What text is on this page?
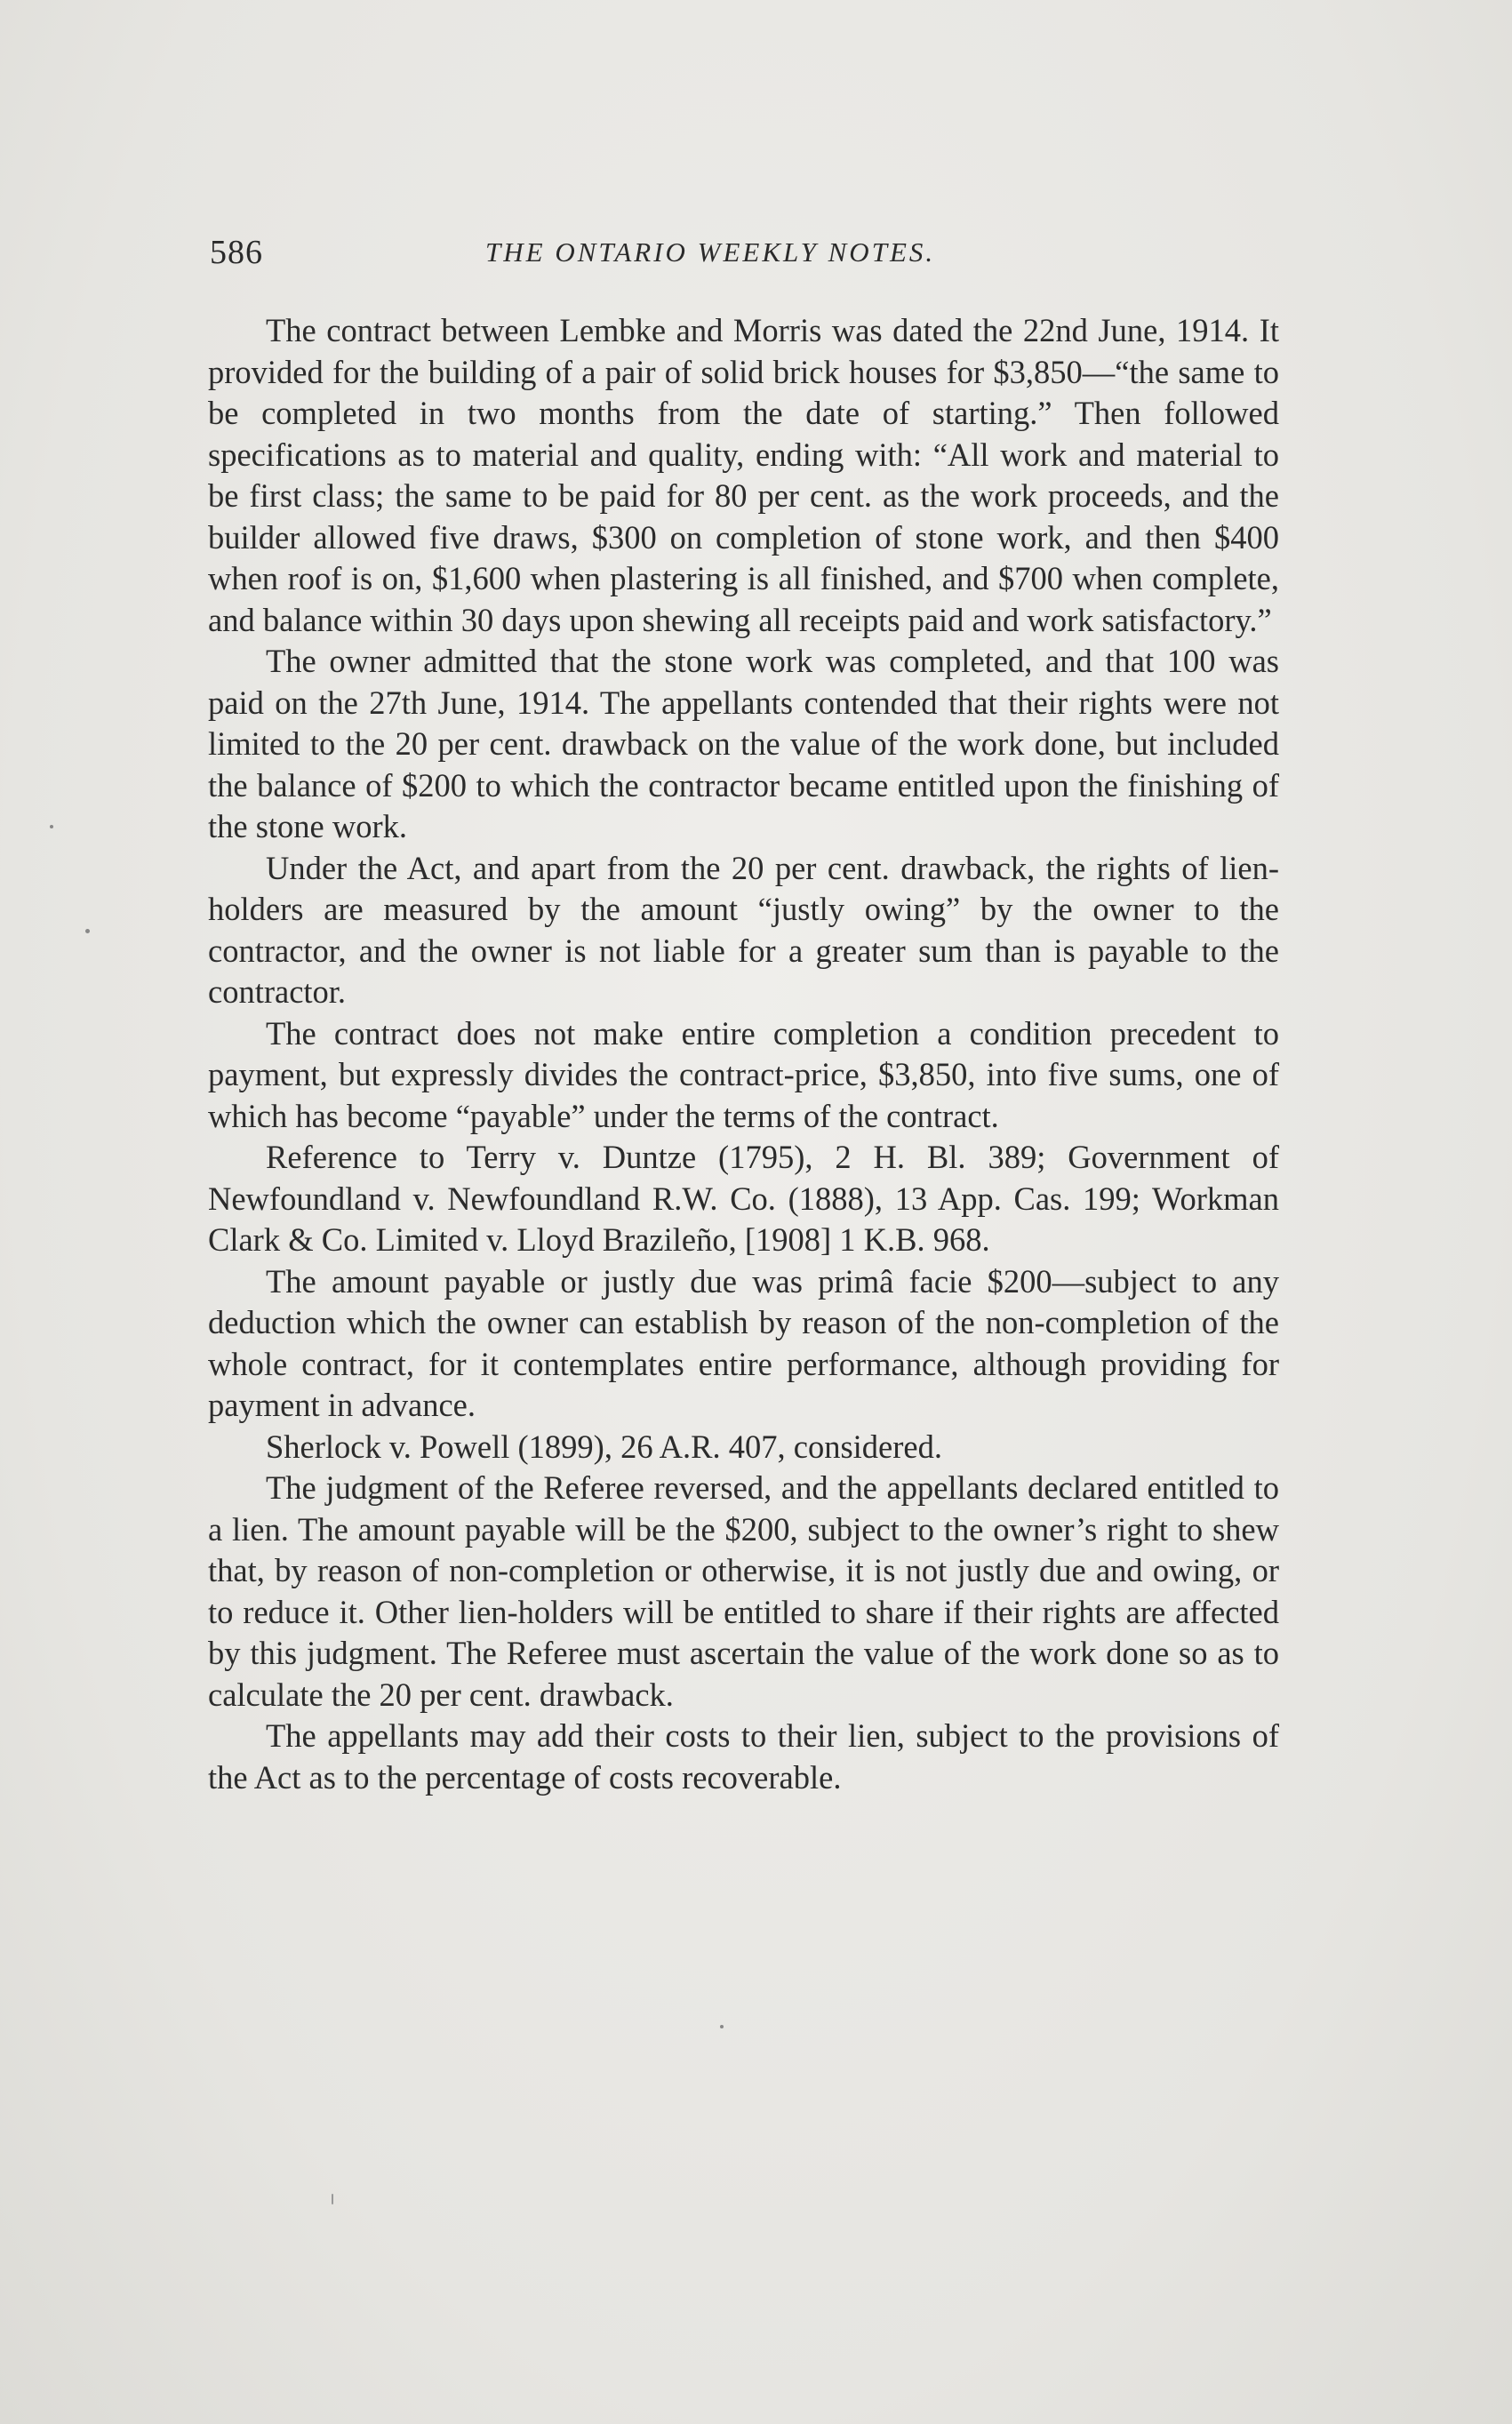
586	THE ONTARIO WEEKLY NOTES.

The contract between Lembke and Morris was dated the 22nd June, 1914. It provided for the building of a pair of solid brick houses for $3,850—“the same to be completed in two months from the date of starting.” Then followed specifications as to material and quality, ending with: “All work and material to be first class; the same to be paid for 80 per cent. as the work proceeds, and the builder allowed five draws, $300 on completion of stone work, and then $400 when roof is on, $1,600 when plastering is all finished, and $700 when complete, and balance within 30 days upon shewing all receipts paid and work satisfactory.”

The owner admitted that the stone work was completed, and that 100 was paid on the 27th June, 1914. The appellants contended that their rights were not limited to the 20 per cent. drawback on the value of the work done, but included the balance of $200 to which the contractor became entitled upon the finishing of the stone work.

Under the Act, and apart from the 20 per cent. drawback, the rights of lien-holders are measured by the amount “justly owing” by the owner to the contractor, and the owner is not liable for a greater sum than is payable to the contractor.

The contract does not make entire completion a condition precedent to payment, but expressly divides the contract-price, $3,850, into five sums, one of which has become “payable” under the terms of the contract.

Reference to Terry v. Duntze (1795), 2 H. Bl. 389; Government of Newfoundland v. Newfoundland R.W. Co. (1888), 13 App. Cas. 199; Workman Clark & Co. Limited v. Lloyd Brazileño, [1908] 1 K.B. 968.

The amount payable or justly due was primâ facie $200—subject to any deduction which the owner can establish by reason of the non-completion of the whole contract, for it contemplates entire performance, although providing for payment in advance.

Sherlock v. Powell (1899), 26 A.R. 407, considered.

The judgment of the Referee reversed, and the appellants declared entitled to a lien. The amount payable will be the $200, subject to the owner’s right to shew that, by reason of non-completion or otherwise, it is not justly due and owing, or to reduce it. Other lien-holders will be entitled to share if their rights are affected by this judgment. The Referee must ascertain the value of the work done so as to calculate the 20 per cent. drawback.

The appellants may add their costs to their lien, subject to the provisions of the Act as to the percentage of costs recoverable.
